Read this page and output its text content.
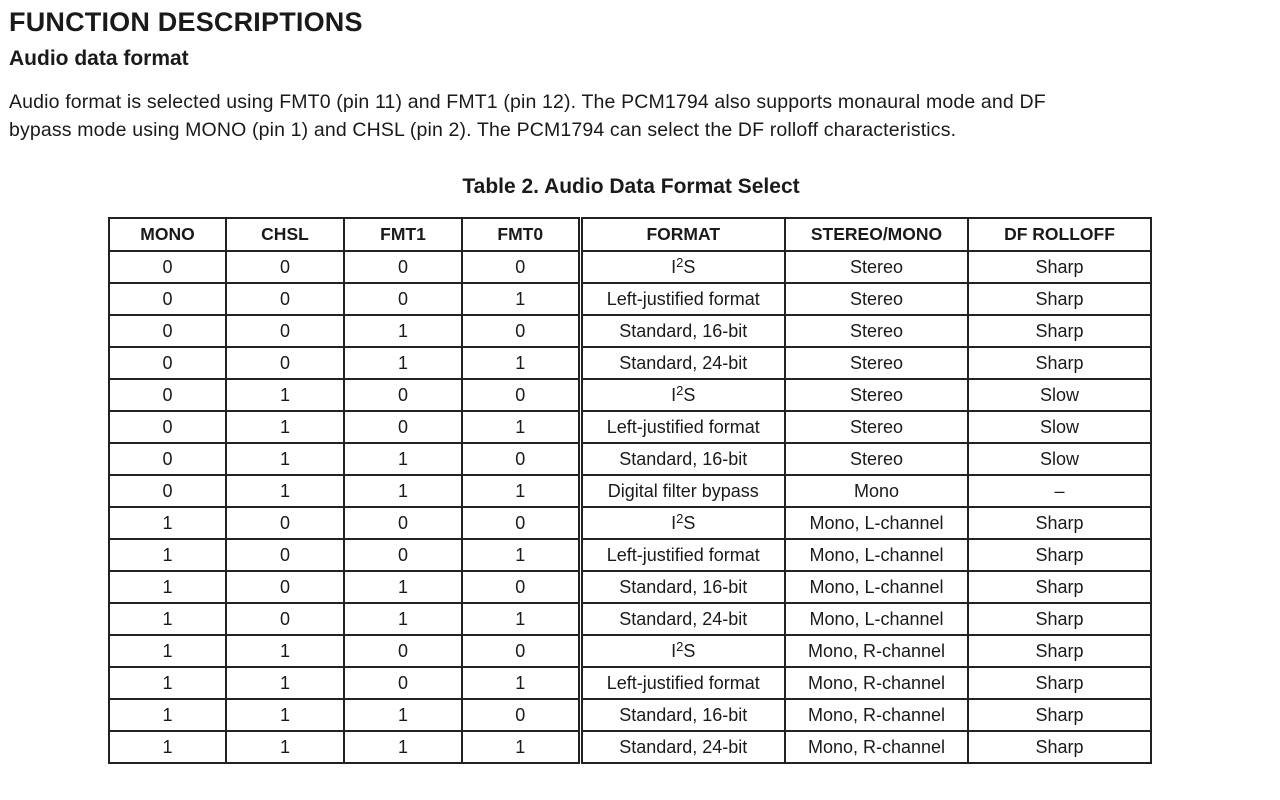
FUNCTION DESCRIPTIONS
Audio data format

Audio format is selected using FMT0 (pin 11) and FMT1 (pin 12). The PCM1794 also supports monaural mode and DF
bypass mode using MONO (pin 1) and CHSL (pin 2). The PCM1794 can select the DF rolloff characteristics.

Table 2. Audio Data Format Select
MONO	CHSL	FMT1	FMT0	FORMAT	STEREO/MONO	DF ROLLOFF
0	0	0	0	$I^2S$	Stereo	Sharp
0	0	0	1	Left-justified format	Stereo	Sharp
0	0	1	0	Standard, 16-bit	Stereo	Sharp
0	0	1	1	Standard, 24-bit	Stereo	Sharp
0	1	0	0	$I^2S$	Stereo	Slow
0	1	0	1	Left-justified format	Stereo	Slow
0	1	1	0	Standard, 16-bit	Stereo	Slow
0	1	1	1	Digital filter bypass	Mono	–
1	0	0	0	$I^2S$	Mono, L-channel	Sharp
1	0	0	1	Left-justified format	Mono, L-channel	Sharp
1	0	1	0	Standard, 16-bit	Mono, L-channel	Sharp
1	0	1	1	Standard, 24-bit	Mono, L-channel	Sharp
1	1	0	0	$I^2S$	Mono, R-channel	Sharp
1	1	0	1	Left-justified format	Mono, R-channel	Sharp
1	1	1	0	Standard, 16-bit	Mono, R-channel	Sharp
1	1	1	1	Standard, 24-bit	Mono, R-channel	Sharp
